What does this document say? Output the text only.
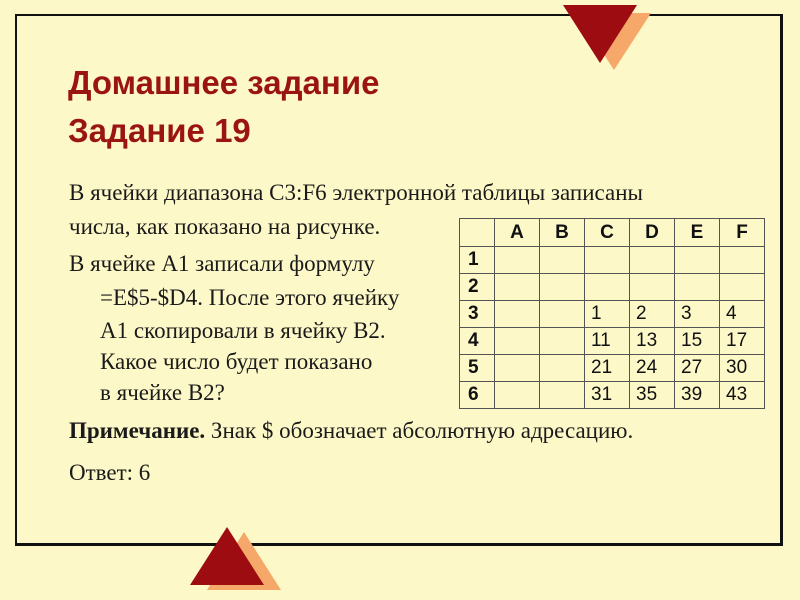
Домашнее задание
Задание 19

В ячейки диапазона C3:F6 электронной таблицы записаны

числа, как показано на рисунке.

В ячейке A1 записали формулу

=E$5-$D4. После этого ячейку

A1 скопировали в ячейку B2.

Какое число будет показано

в ячейке B2?

Примечание. Знак $ обозначает абсолютную адресацию.

Ответ: 6

	A	B	C	D	E	F
1						
2						
3			1	2	3	4
4			11	13	15	17
5			21	24	27	30
6			31	35	39	43
